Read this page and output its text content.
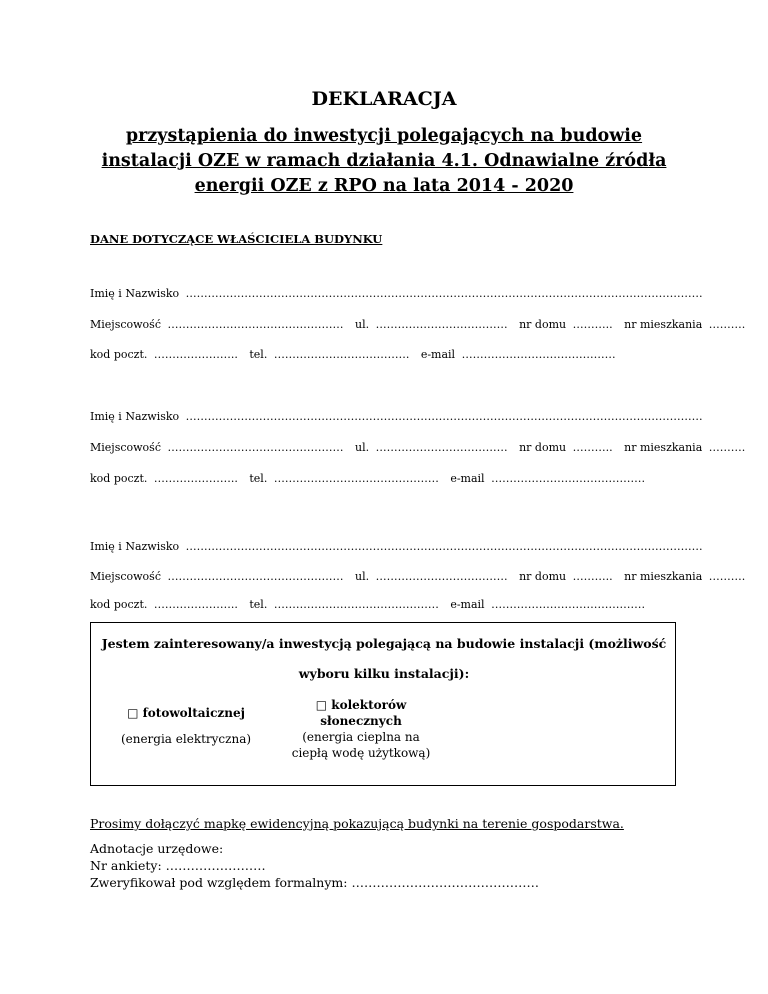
DEKLARACJA
przystąpienia do inwestycji polegających na budowie instalacji OZE w ramach działania 4.1. Odnawialne źródła energii OZE z RPO na lata 2014 - 2020
DANE DOTYCZĄCE WŁAŚCICIELA BUDYNKU
Imię i Nazwisko ……………………………………………………………………………………………………………………………
Miejscowość ………………………………………… ul. ……………………………… nr domu ……….. nr mieszkania ……….
kod poczt. ………………….. tel. ………………………………. e-mail ……………………………………
Imię i Nazwisko ……………………………………………………………………………………………………………………………
Miejscowość ………………………………………… ul. ……………………………… nr domu ……….. nr mieszkania ……….
kod poczt. ………………….. tel. ……………………………………… e-mail ……………………………………
Imię i Nazwisko ……………………………………………………………………………………………………………………………
Miejscowość ………………………………………… ul. ……………………………… nr domu ……….. nr mieszkania ……….
kod poczt. ………………….. tel. ……………………………………… e-mail ……………………………………
Jestem zainteresowany/a inwestycją polegającą na budowie instalacji (możliwość
wyboru kilku instalacji):
□ fotowoltaicznej
(energia elektryczna)
□ kolektorów
słonecznych
(energia cieplna na
ciepłą wodę użytkową)
Prosimy dołączyć mapkę ewidencyjną pokazującą budynki na terenie gospodarstwa.
Adnotacje urzędowe:
Nr ankiety: ……………………
Zweryfikował pod względem formalnym: ………………………………………
